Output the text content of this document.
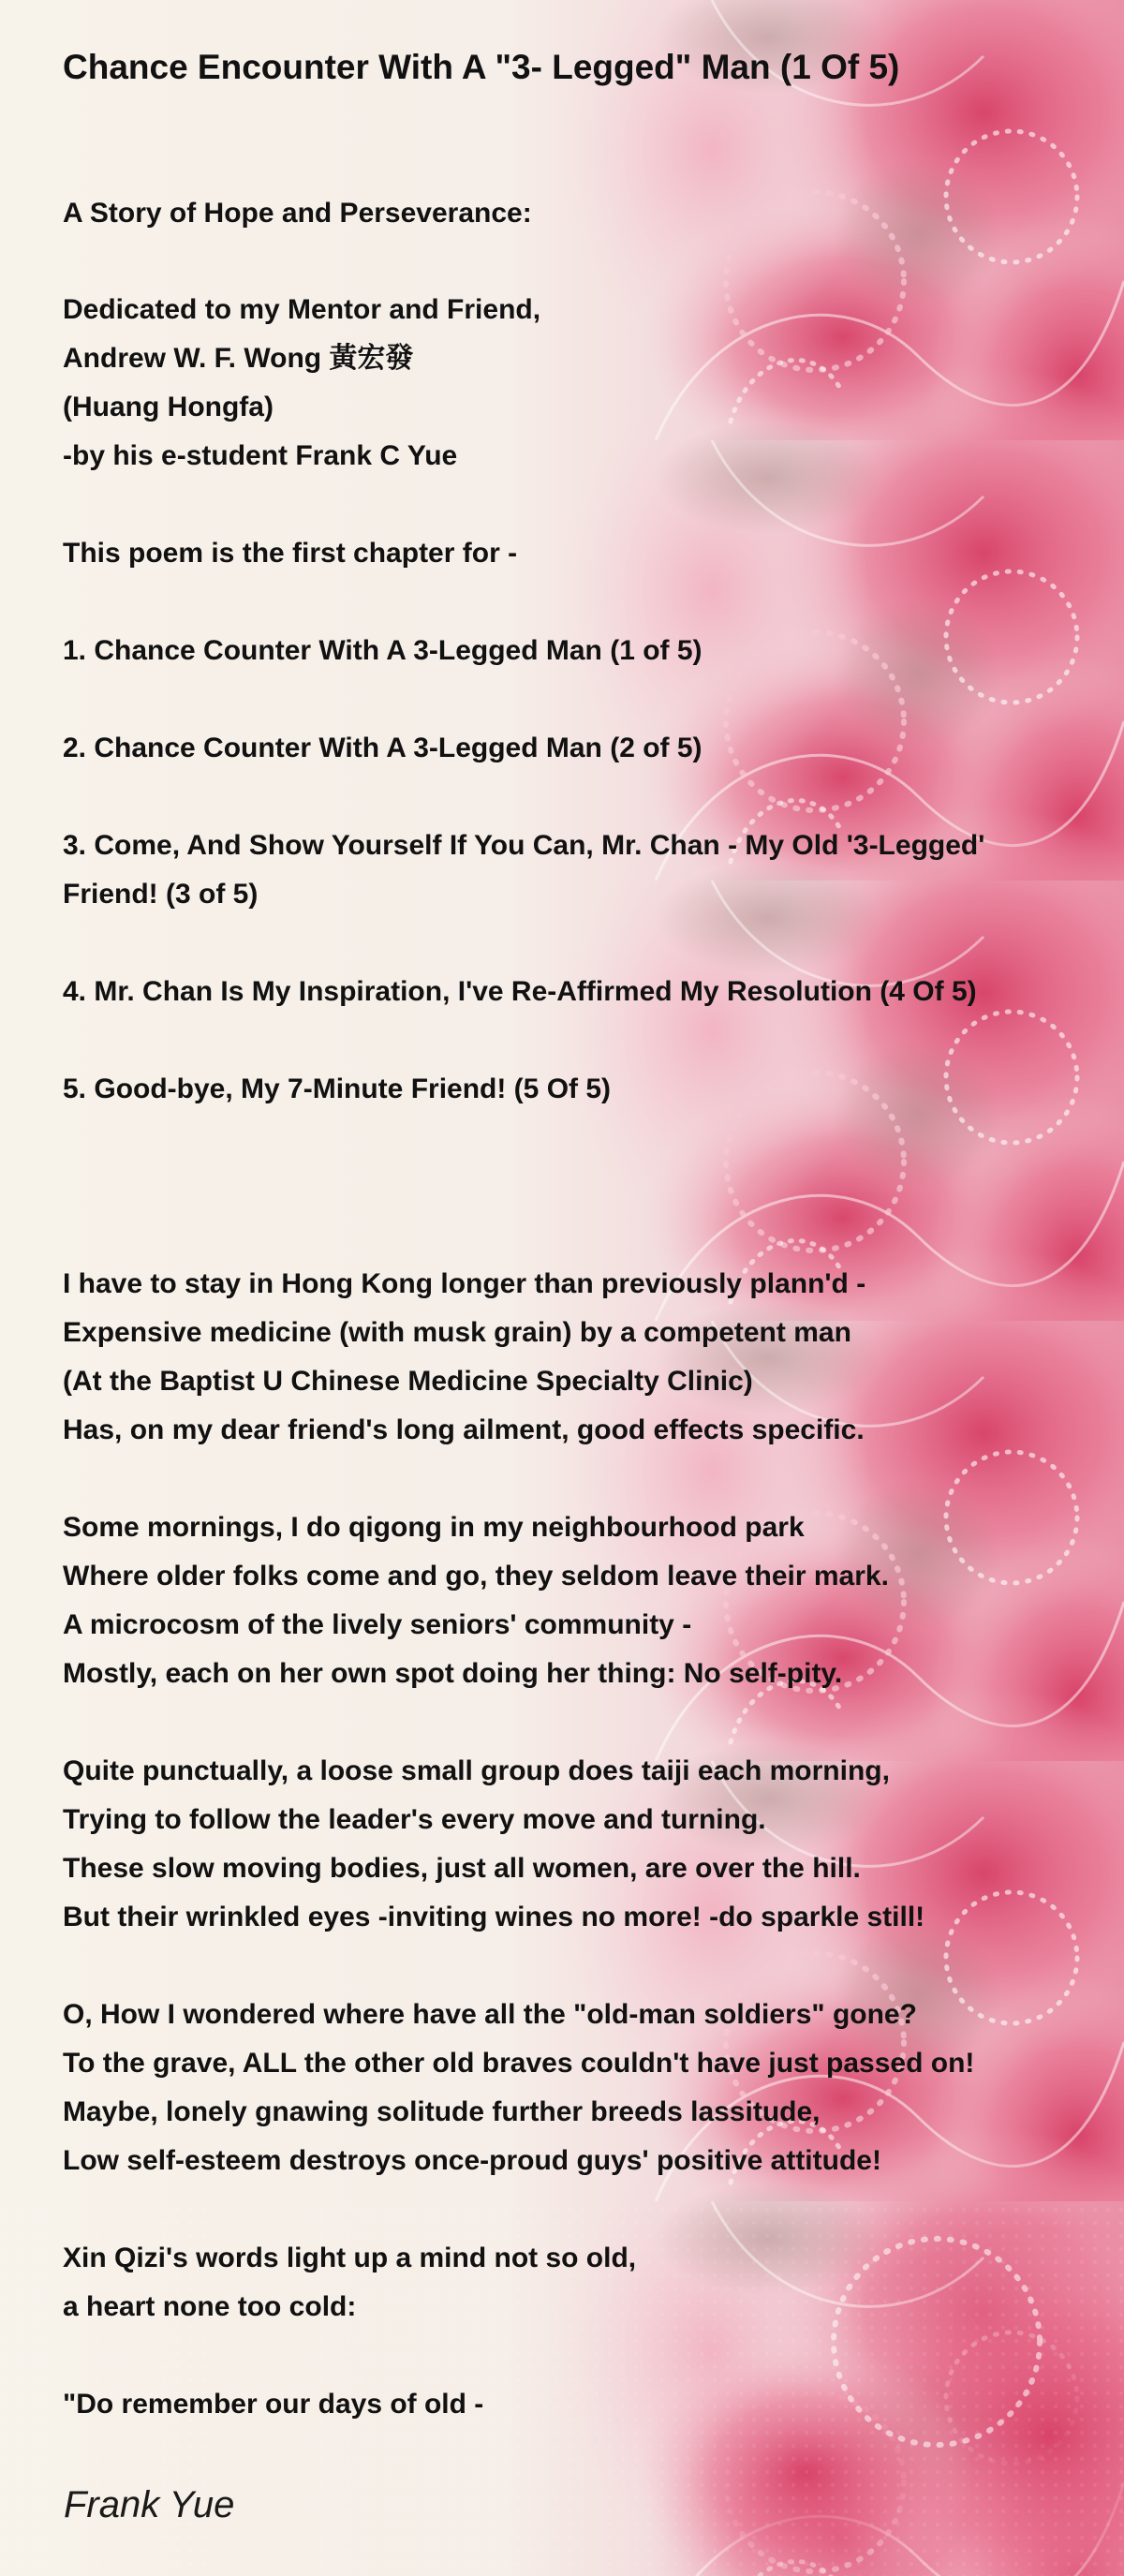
Chance Encounter With A "3- Legged" Man (1 Of 5)
A Story of Hope and Perseverance:
Dedicated to my Mentor and Friend,
Andrew W. F. Wong 黃宏發
(Huang Hongfa)
-by his e-student Frank C Yue
This poem is the first chapter for -
1. Chance Counter With A 3-Legged Man (1 of 5)
2. Chance Counter With A 3-Legged Man (2 of 5)
3. Come, And Show Yourself If You Can, Mr. Chan - My Old '3-Legged'
Friend! (3 of 5)
4. Mr. Chan Is My Inspiration, I've Re-Affirmed My Resolution (4 Of 5)
5. Good-bye, My 7-Minute Friend! (5 Of 5)
I have to stay in Hong Kong longer than previously plann'd -
Expensive medicine (with musk grain) by a competent man
(At the Baptist U Chinese Medicine Specialty Clinic)
Has, on my dear friend's long ailment, good effects specific.
Some mornings, I do qigong in my neighbourhood park
Where older folks come and go, they seldom leave their mark.
A microcosm of the lively seniors' community -
Mostly, each on her own spot doing her thing: No self-pity.
Quite punctually, a loose small group does taiji each morning,
Trying to follow the leader's every move and turning.
These slow moving bodies, just all women, are over the hill.
But their wrinkled eyes -inviting wines no more! -do sparkle still!
O, How I wondered where have all the "old-man soldiers" gone?
To the grave, ALL the other old braves couldn't have just passed on!
Maybe, lonely gnawing solitude further breeds lassitude,
Low self-esteem destroys once-proud guys' positive attitude!
Xin Qizi's words light up a mind not so old,
a heart none too cold:
"Do remember our days of old -
Frank Yue
